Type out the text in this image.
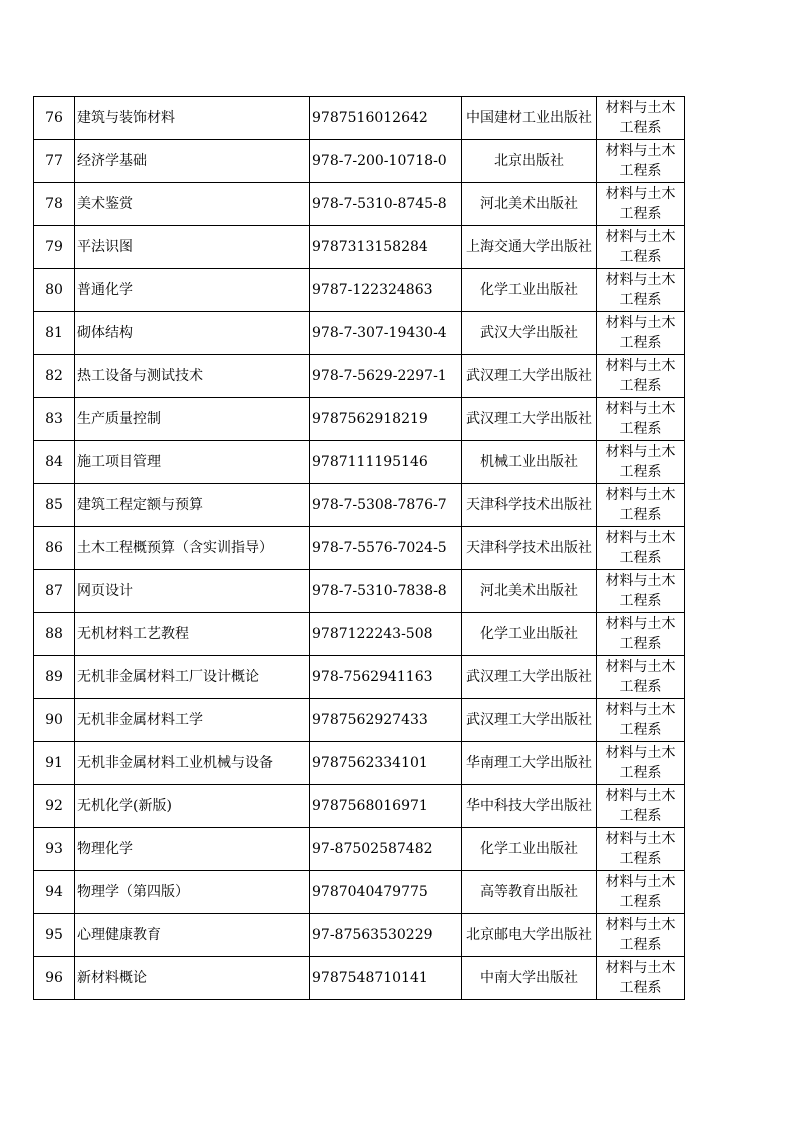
76	建筑与装饰材料	9787516012642	中国建材工业出版社	材料与土木
工程系

77	经济学基础	978-7-200-10718-0	北京出版社	材料与土木
工程系

78	美术鉴赏	978-7-5310-8745-8	河北美术出版社	材料与土木
工程系

79	平法识图	9787313158284	上海交通大学出版社	材料与土木
工程系

80	普通化学	9787-122324863	化学工业出版社	材料与土木
工程系

81	砌体结构	978-7-307-19430-4	武汉大学出版社	材料与土木
工程系

82	热工设备与测试技术	978-7-5629-2297-1	武汉理工大学出版社	材料与土木
工程系

83	生产质量控制	9787562918219	武汉理工大学出版社	材料与土木
工程系

84	施工项目管理	9787111195146	机械工业出版社	材料与土木
工程系

85	建筑工程定额与预算	978-7-5308-7876-7	天津科学技术出版社	材料与土木
工程系

86	土木工程概预算（含实训指导）	978-7-5576-7024-5	天津科学技术出版社	材料与土木
工程系

87	网页设计	978-7-5310-7838-8	河北美术出版社	材料与土木
工程系

88	无机材料工艺教程	9787122243-508	化学工业出版社	材料与土木
工程系

89	无机非金属材料工厂设计概论	978-7562941163	武汉理工大学出版社	材料与土木
工程系

90	无机非金属材料工学	9787562927433	武汉理工大学出版社	材料与土木
工程系

91	无机非金属材料工业机械与设备	9787562334101	华南理工大学出版社	材料与土木
工程系

92	无机化学(新版)	9787568016971	华中科技大学出版社	材料与土木
工程系

93	物理化学	97-87502587482	化学工业出版社	材料与土木
工程系

94	物理学（第四版）	9787040479775	高等教育出版社	材料与土木
工程系

95	心理健康教育	97-87563530229	北京邮电大学出版社	材料与土木
工程系

96	新材料概论	9787548710141	中南大学出版社	材料与土木
工程系
